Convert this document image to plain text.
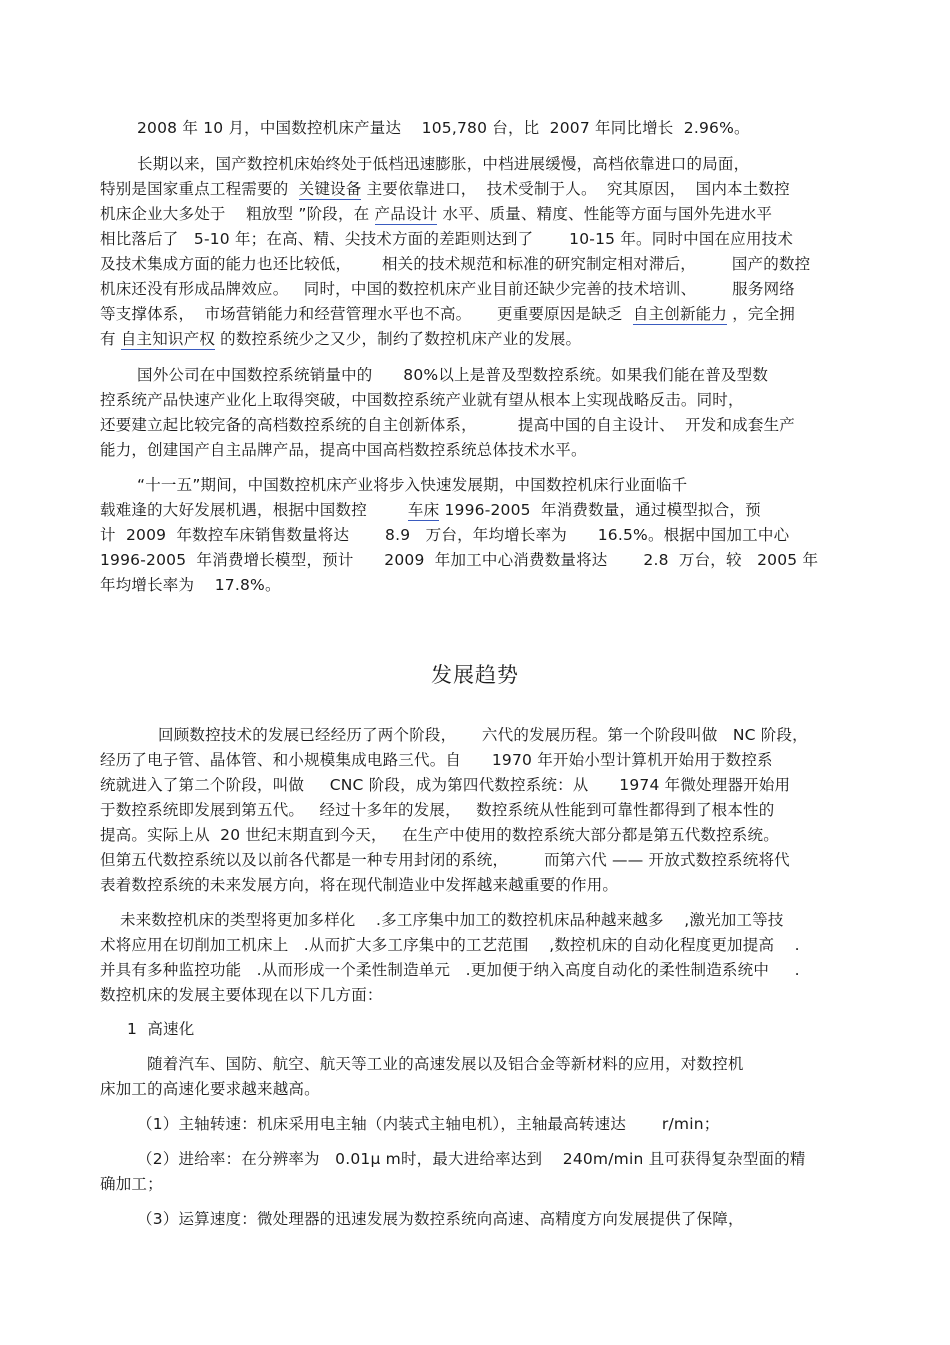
2008 年 10 月，中国数控机床产量达    105,780 台，比  2007 年同比增长  2.96%。
长期以来，国产数控机床始终处于低档迅速膨胀，中档进展缓慢，高档依靠进口的局面，
特别是国家重点工程需要的  关键设备 主要依靠进口，  技术受制于人。  究其原因，  国内本土数控
机床企业大多处于    粗放型 ”阶段，在 产品设计 水平、质量、精度、性能等方面与国外先进水平
相比落后了   5-10 年；在高、精、尖技术方面的差距则达到了       10-15 年。同时中国在应用技术
及技术集成方面的能力也还比较低，      相关的技术规范和标准的研究制定相对滞后，       国产的数控
机床还没有形成品牌效应。   同时，中国的数控机床产业目前还缺少完善的技术培训、       服务网络
等支撑体系，  市场营销能力和经营管理水平也不高。     更重要原因是缺乏  自主创新能力 ，完全拥
有 自主知识产权 的数控系统少之又少，制约了数控机床产业的发展。
国外公司在中国数控系统销量中的      80%以上是普及型数控系统。如果我们能在普及型数
控系统产品快速产业化上取得突破，中国数控系统产业就有望从根本上实现战略反击。同时，
还要建立起比较完备的高档数控系统的自主创新体系，        提高中国的自主设计、  开发和成套生产
能力，创建国产自主品牌产品，提高中国高档数控系统总体技术水平。
“十一五”期间，中国数控机床产业将步入快速发展期，中国数控机床行业面临千
载难逢的大好发展机遇，根据中国数控        车床 1996-2005  年消费数量，通过模型拟合，预
计  2009  年数控车床销售数量将达       8.9   万台，年均增长率为      16.5%。根据中国加工中心
1996-2005  年消费增长模型，预计      2009  年加工中心消费数量将达       2.8  万台，较   2005 年
年均增长率为    17.8%。
发展趋势
回顾数控技术的发展已经经历了两个阶段，     六代的发展历程。第一个阶段叫做   NC 阶段，
经历了电子管、晶体管、和小规模集成电路三代。自      1970 年开始小型计算机开始用于数控系
统就进入了第二个阶段，叫做     CNC 阶段，成为第四代数控系统：从      1974 年微处理器开始用
于数控系统即发展到第五代。   经过十多年的发展，   数控系统从性能到可靠性都得到了根本性的
提高。实际上从  20 世纪末期直到今天，   在生产中使用的数控系统大部分都是第五代数控系统。
但第五代数控系统以及以前各代都是一种专用封闭的系统，       而第六代 —— 开放式数控系统将代
表着数控系统的未来发展方向，将在现代制造业中发挥越来越重要的作用。
未来数控机床的类型将更加多样化    .多工序集中加工的数控机床品种越来越多    ,激光加工等技
术将应用在切削加工机床上   .从而扩大多工序集中的工艺范围    ,数控机床的自动化程度更加提高    .
并具有多种监控功能   .从而形成一个柔性制造单元   .更加便于纳入高度自动化的柔性制造系统中     .
数控机床的发展主要体现在以下几方面：
1  高速化
随着汽车、国防、航空、航天等工业的高速发展以及铝合金等新材料的应用，对数控机
床加工的高速化要求越来越高。
（1）主轴转速：机床采用电主轴（内装式主轴电机），主轴最高转速达       r/min；
（2）进给率：在分辨率为   0.01μ m时，最大进给率达到    240m/min 且可获得复杂型面的精
确加工；
（3）运算速度：微处理器的迅速发展为数控系统向高速、高精度方向发展提供了保障，
